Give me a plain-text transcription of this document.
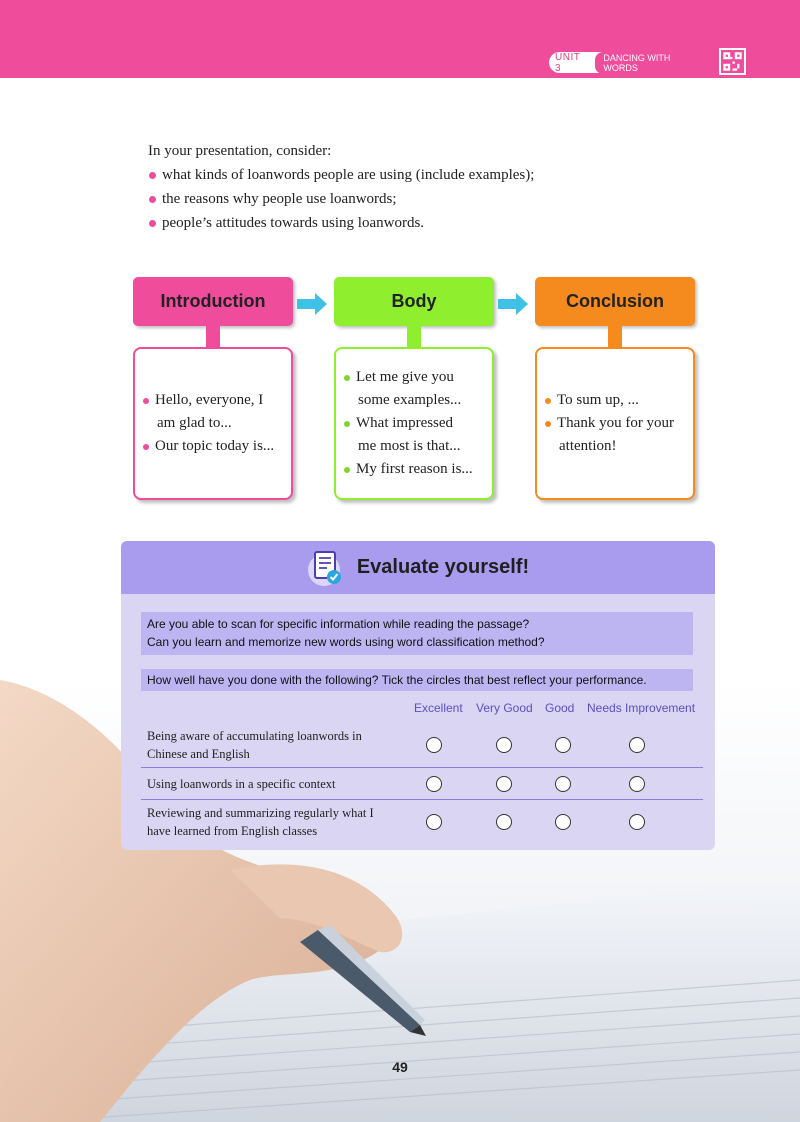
UNIT 3
DANCING WITH WORDS

In your presentation, consider:

what kinds of loanwords people are using (include examples);
the reasons why people use loanwords;
people’s attitudes towards using loanwords.
Introduction	Body	Conclusion
Hello, everyone, I
am glad to...
Our topic today is...
Let me give you
some examples...
What impressed
me most is that...
My first reason is...
To sum up, ...
Thank you for your
attention!
Evaluate yourself!
Are you able to scan for specific information while reading the passage?
Can you learn and memorize new words using word classification method?
How well have you done with the following? Tick the circles that best reflect your performance.
Excellent Very Good Good Needs Improvement
Being aware of accumulating loanwords in
Chinese and English
Using loanwords in a specific context
Reviewing and summarizing regularly what I
have learned from English classes
49
